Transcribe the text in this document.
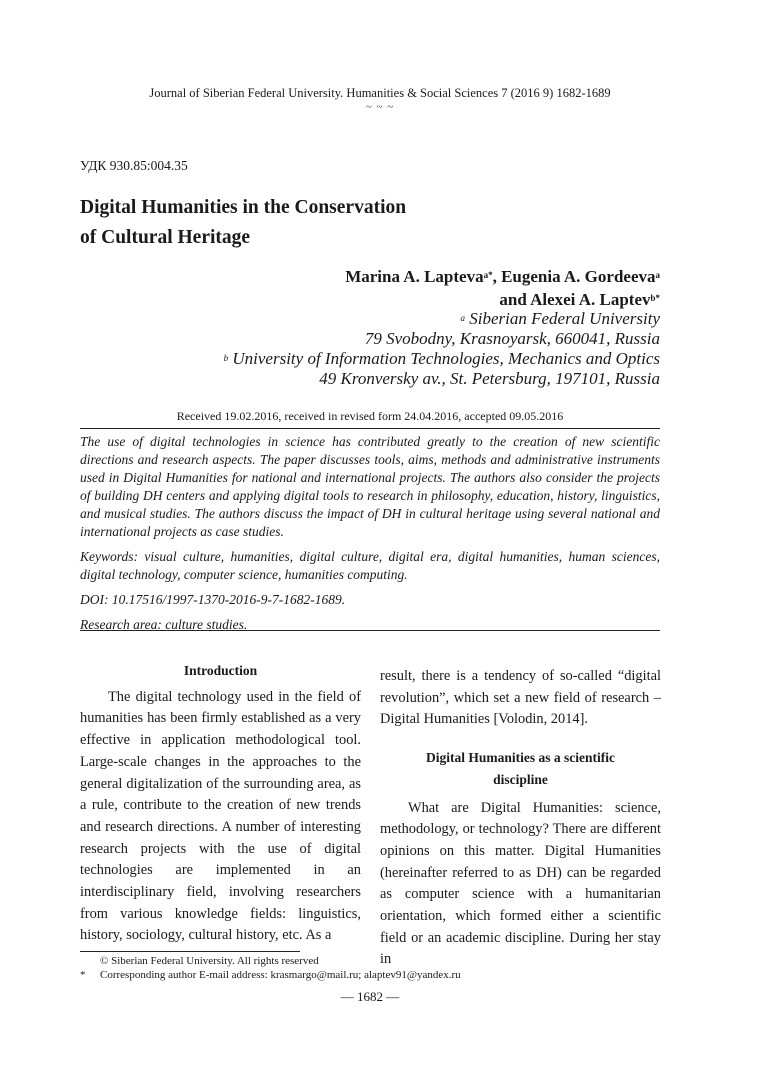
Journal of Siberian Federal University. Humanities & Social Sciences 7 (2016 9) 1682-1689
~ ~ ~
УДК 930.85:004.35
Digital Humanities in the Conservation
of Cultural Heritage
Marina A. Lapteva$^{a*}$, Eugenia A. Gordeeva$^a$
and Alexei A. Laptev$^{b*}$
$^a$ Siberian Federal University
79 Svobodny, Krasnoyarsk, 660041, Russia
$^b$ University of Information Technologies, Mechanics and Optics
49 Kronversky av., St. Petersburg, 197101, Russia
Received 19.02.2016, received in revised form 24.04.2016, accepted 09.05.2016

The use of digital technologies in science has contributed greatly to the creation of new scientific directions and research aspects. The paper discusses tools, aims, methods and administrative instruments used in Digital Humanities for national and international projects. The authors also consider the projects of building DH centers and applying digital tools to research in philosophy, education, history, linguistics, and musical studies. The authors discuss the impact of DH in cultural heritage using several national and international projects as case studies.

Keywords: visual culture, humanities, digital culture, digital era, digital humanities, human sciences, digital technology, computer science, humanities computing.

DOI: 10.17516/1997-1370-2016-9-7-1682-1689.

Research area: culture studies.

Introduction

The digital technology used in the field of humanities has been firmly established as a very effective in application methodological tool. Large-scale changes in the approaches to the general digitalization of the surrounding area, as a rule, contribute to the creation of new trends and research directions. A number of interesting research projects with the use of digital technologies are implemented in an interdisciplinary field, involving researchers from various knowledge fields: linguistics, history, sociology, cultural history, etc. As a

result, there is a tendency of so-called “digital revolution”, which set a new field of research – Digital Humanities [Volodin, 2014].

Digital Humanities as a scientific
discipline

What are Digital Humanities: science, methodology, or technology? There are different opinions on this matter. Digital Humanities (hereinafter referred to as DH) can be regarded as computer science with a humanitarian orientation, which formed either a scientific field or an academic discipline. During her stay in

© Siberian Federal University. All rights reserved
* Corresponding author E-mail address: krasmargo@mail.ru; alaptev91@yandex.ru
— 1682 —
